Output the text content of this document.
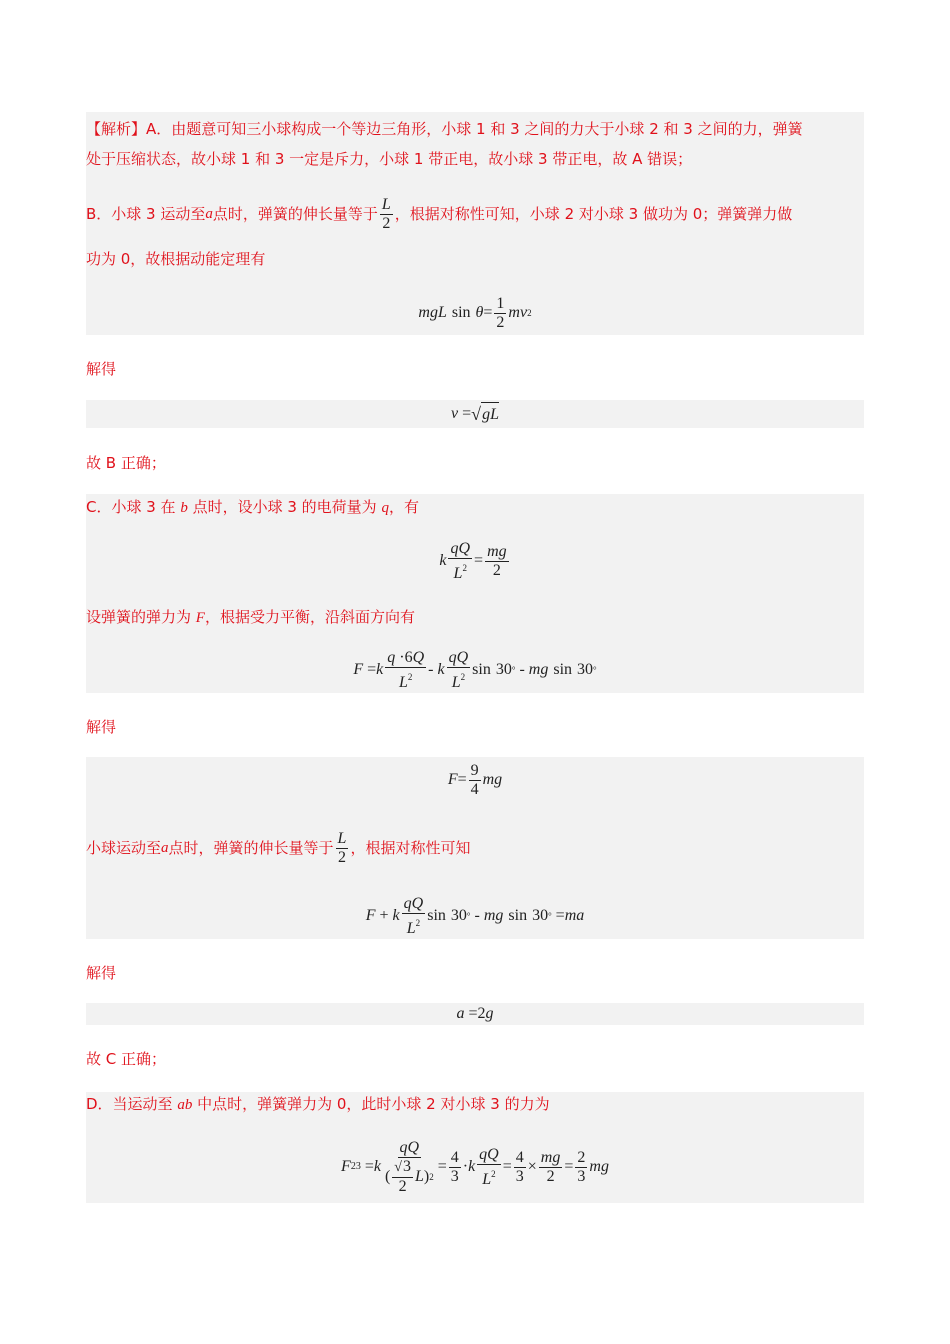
【解析】A．由题意可知三小球构成一个等边三角形，小球 1 和 3 之间的力大于小球 2 和 3 之间的力，弹簧
处于压缩状态，故小球 1 和 3 一定是斥力，小球 1 带正电，故小球 3 带正电，故 A 错误；
B．小球 3 运动至 a 点时，弹簧的伸长量等于 $\frac{L}{2}$ ，根据对称性可知，小球 2 对小球 3 做功为 0；弹簧弹力做
功为 0，故根据动能定理有
mgL $\sin \theta = \frac{1}{2}$ mv 2
解得
v = √ gL
故 B 正确；
C．小球 3 在 b 点时，设小球 3 的电荷量为 q，有
k $\frac{qQ}{L^2} = \frac{mg}{2}$
设弹簧的弹力为 F，根据受力平衡，沿斜面方向有
F = k $\frac{q \cdot 6Q}{L^2}$ - k $\frac{qQ}{L^2}$ sin 30 ° - mg sin 30 °
解得
$F = \frac{9}{4}$ mg
小球运动至 a 点时，弹簧的伸长量等于 $\frac{L}{2}$ ，根据对称性可知
F + k $\frac{qQ}{L^2}$ sin 30 ° - mg sin 30 ° = ma
解得
a =2 g
故 C 正确；
D．当运动至 ab 中点时，弹簧弹力为 0，此时小球 2 对小球 3 的力为
F 23 = k $\frac{qQ}{( \frac{√3}{2} L ) 2} = \frac{4}{3} \cdot k \frac{qQ}{L^2} = \frac{4}{3} \times \frac{mg}{2} = \frac{2}{3}$ mg
